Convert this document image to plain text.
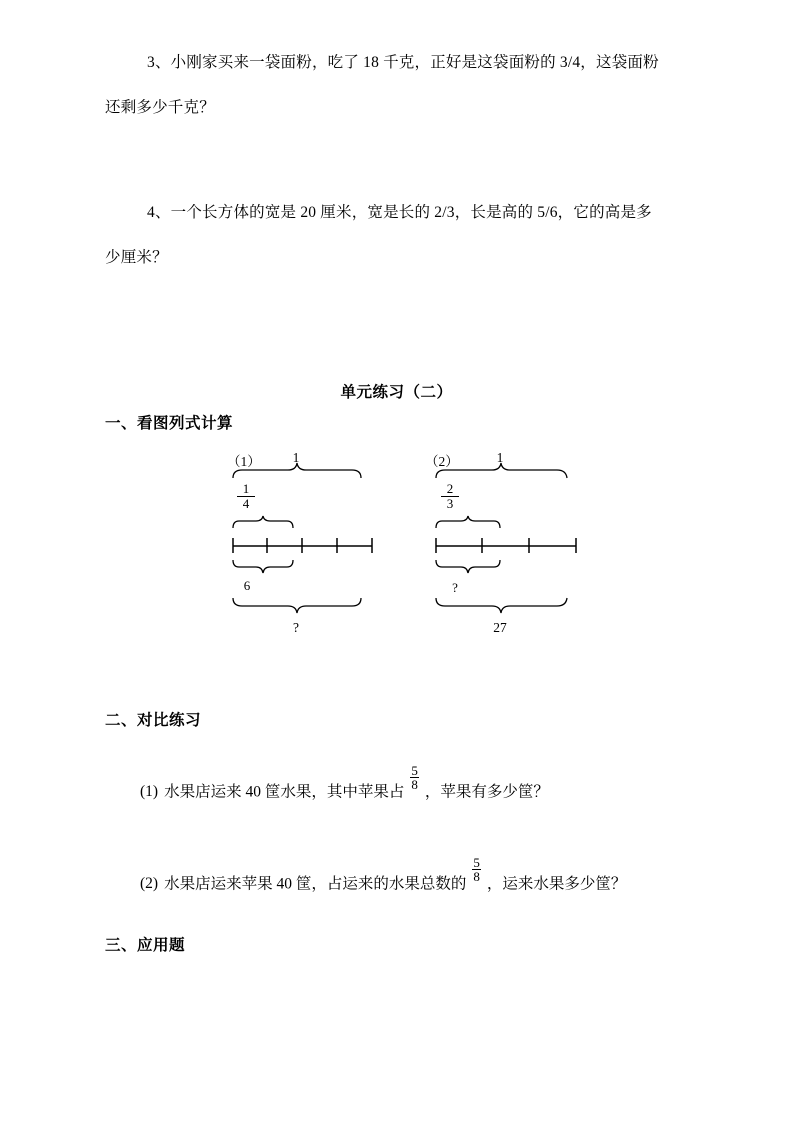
3、小刚家买来一袋面粉，吃了 18 千克，正好是这袋面粉的 3/4，这袋面粉
还剩多少千克？
4、一个长方体的宽是 20 厘米，宽是长的 2/3，长是高的 5/6，它的高是多
少厘米？
单元练习（二）
一、看图列式计算
（1）	1
1
4
6
?
（2）	1
2
3
?
27
二、对比练习
(1) 水果店运来 40 筐水果，其中苹果占
$\frac{5}{8}$
，苹果有多少筐？
(2) 水果店运来苹果 40 筐，占运来的水果总数的
$\frac{5}{8}$
，运来水果多少筐？
三、应用题
